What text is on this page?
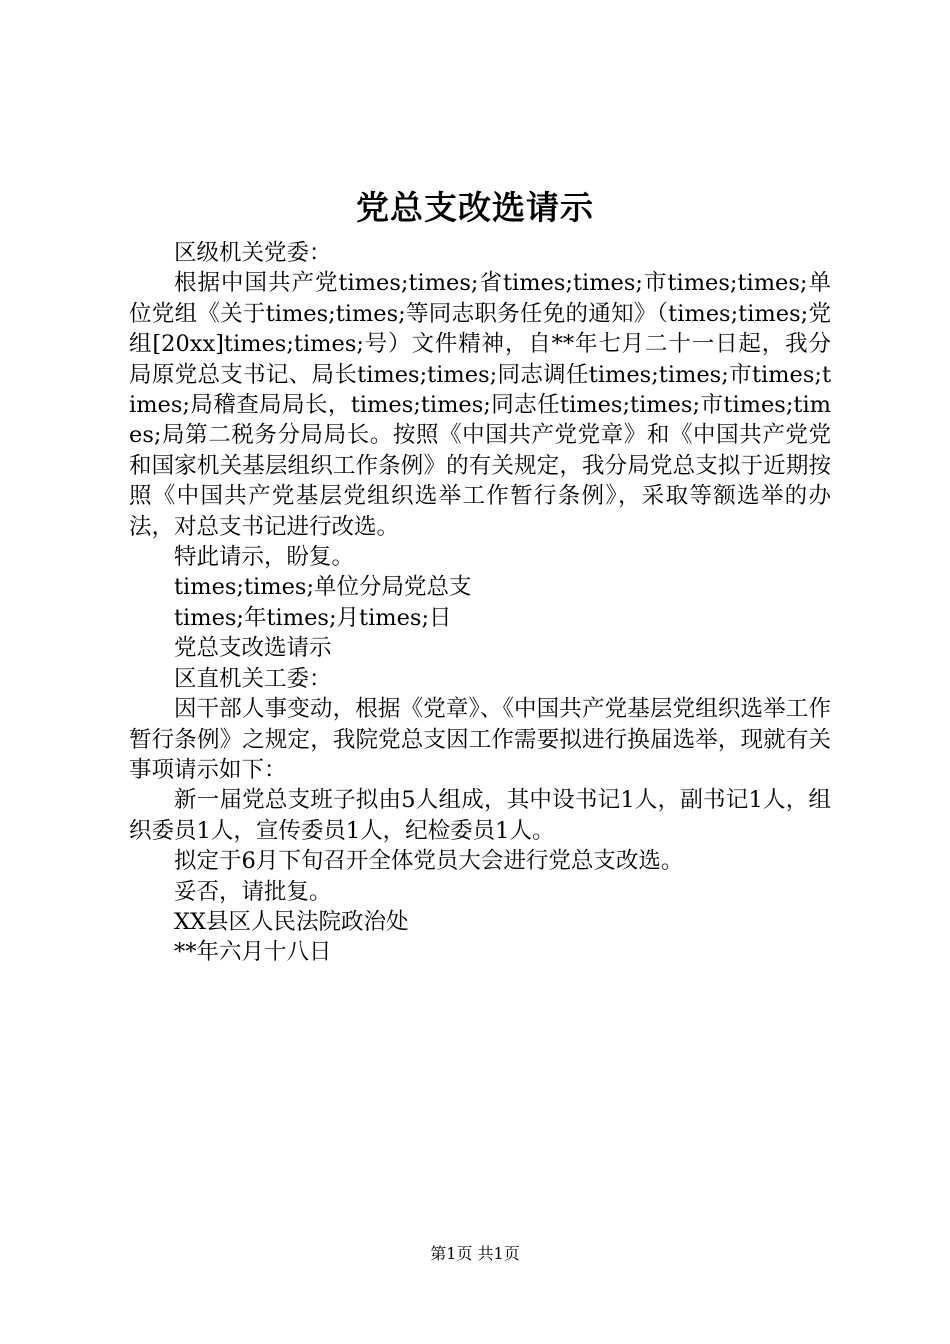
党总支改选请示

区级机关党委：

根据中国共产党times;times;省times;times;市times;times;单位党组《关于times;times;等同志职务任免的通知》（times;times;党组[20xx]times;times;号）文件精神，自**年七月二十一日起，我分局原党总支书记、局长times;times;同志调任times;times;市times;times;局稽查局局长，times;times;同志任times;times;市times;times;局第二税务分局局长。按照《中国共产党党章》和《中国共产党党和国家机关基层组织工作条例》的有关规定，我分局党总支拟于近期按照《中国共产党基层党组织选举工作暂行条例》，采取等额选举的办法，对总支书记进行改选。

特此请示，盼复。

times;times;单位分局党总支

times;年times;月times;日

党总支改选请示

区直机关工委：

因干部人事变动，根据《党章》、《中国共产党基层党组织选举工作暂行条例》之规定，我院党总支因工作需要拟进行换届选举，现就有关事项请示如下：

新一届党总支班子拟由5人组成，其中设书记1人，副书记1人，组织委员1人，宣传委员1人，纪检委员1人。

拟定于6月下旬召开全体党员大会进行党总支改选。

妥否，请批复。

XX县区人民法院政治处

**年六月十八日

第1页 共1页
